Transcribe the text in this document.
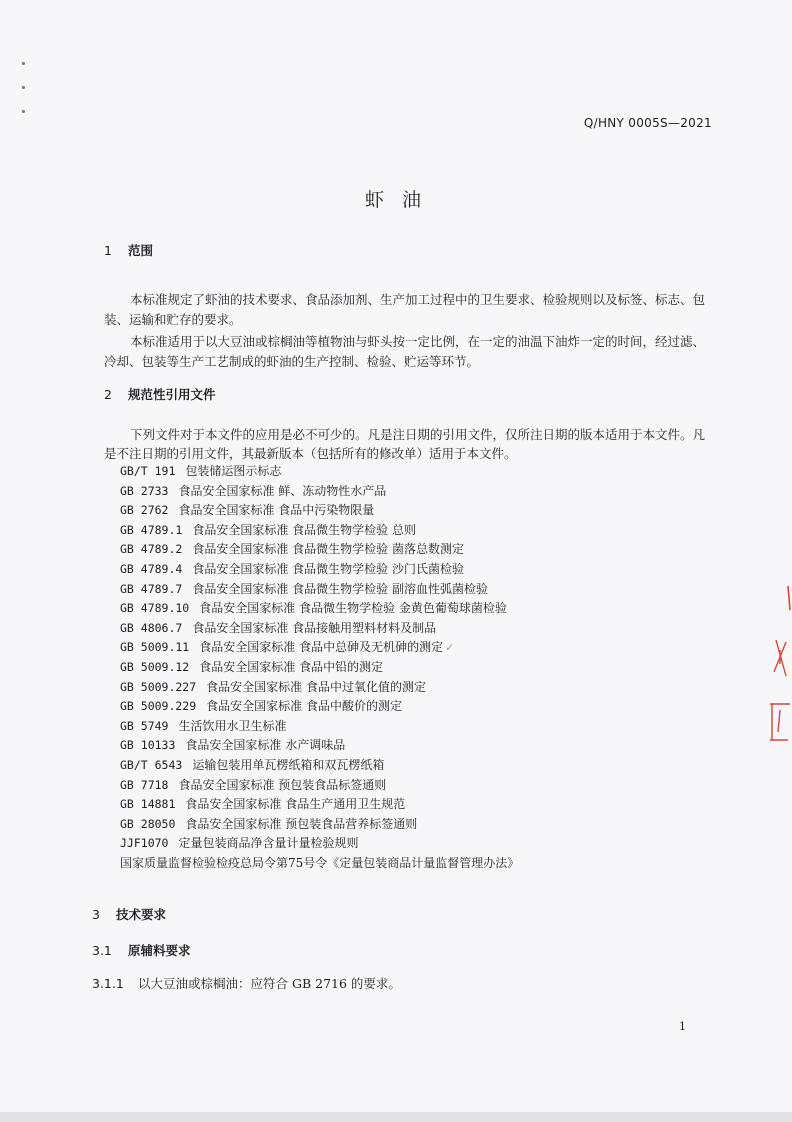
Q/HNY 0005S—2021
虾 油
1 范围

本标准规定了虾油的技术要求、食品添加剂、生产加工过程中的卫生要求、检验规则以及标签、标志、包装、运输和贮存的要求。

本标准适用于以大豆油或棕榈油等植物油与虾头按一定比例，在一定的油温下油炸一定的时间，经过滤、冷却、包装等生产工艺制成的虾油的生产控制、检验、贮运等环节。

2 规范性引用文件

下列文件对于本文件的应用是必不可少的。凡是注日期的引用文件，仅所注日期的版本适用于本文件。凡是不注日期的引用文件，其最新版本（包括所有的修改单）适用于本文件。

GB/T 191 包装储运图示标志
GB 2733 食品安全国家标准 鲜、冻动物性水产品
GB 2762 食品安全国家标准 食品中污染物限量
GB 4789.1 食品安全国家标准 食品微生物学检验 总则
GB 4789.2 食品安全国家标准 食品微生物学检验 菌落总数测定
GB 4789.4 食品安全国家标准 食品微生物学检验 沙门氏菌检验
GB 4789.7 食品安全国家标准 食品微生物学检验 副溶血性弧菌检验
GB 4789.10 食品安全国家标准 食品微生物学检验 金黄色葡萄球菌检验
GB 4806.7 食品安全国家标准 食品接触用塑料材料及制品
GB 5009.11 食品安全国家标准 食品中总砷及无机砷的测定 ✓
GB 5009.12 食品安全国家标准 食品中铅的测定
GB 5009.227 食品安全国家标准 食品中过氧化值的测定
GB 5009.229 食品安全国家标准 食品中酸价的测定
GB 5749 生活饮用水卫生标准
GB 10133 食品安全国家标准 水产调味品
GB/T 6543 运输包装用单瓦楞纸箱和双瓦楞纸箱
GB 7718 食品安全国家标准 预包装食品标签通则
GB 14881 食品安全国家标准 食品生产通用卫生规范
GB 28050 食品安全国家标准 预包装食品营养标签通则
JJF1070 定量包装商品净含量计量检验规则
国家质量监督检验检疫总局令第75号令《定量包装商品计量监督管理办法》
3 技术要求
3.1 原辅料要求
3.1.1 以大豆油或棕榈油：应符合 GB 2716 的要求。
1
